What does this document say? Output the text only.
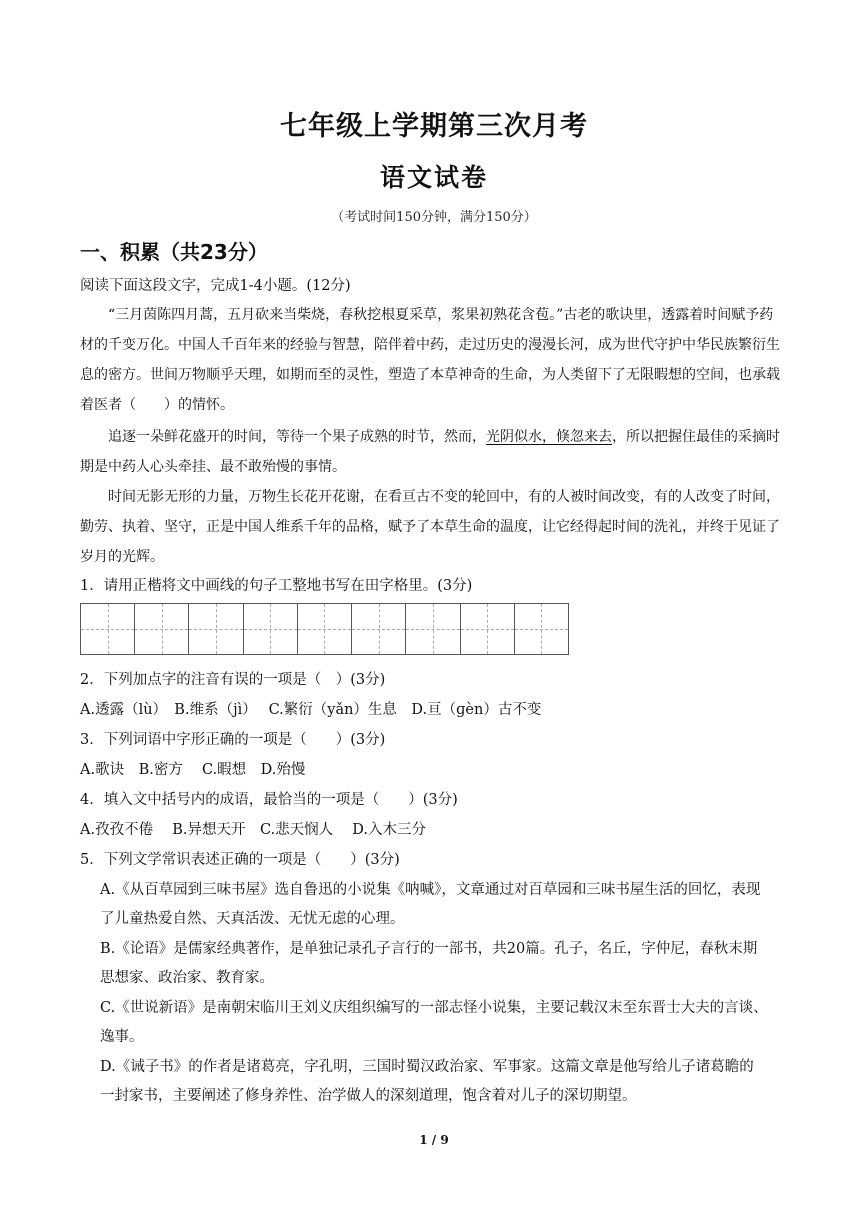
七年级上学期第三次月考
语文试卷
（考试时间150分钟，满分150分）
一、积累（共23分）
阅读下面这段文字，完成1-4小题。(12分)
“三月茵陈四月蒿，五月砍来当柴烧，春秋挖根夏采草，浆果初熟花含苞。”古老的歌诀里，透露着时间赋予药材的千变万化。中国人千百年来的经验与智慧，陪伴着中药，走过历史的漫漫长河，成为世代守护中华民族繁衍生息的密方。世间万物顺乎天理，如期而至的灵性，塑造了本草神奇的生命，为人类留下了无限暇想的空间，也承载着医者（　　）的情怀。
追逐一朵鲜花盛开的时间，等待一个果子成熟的时节，然而，光阴似水，倏忽来去，所以把握住最佳的采摘时期是中药人心头牵挂、最不敢殆慢的事情。
时间无影无形的力量，万物生长花开花谢，在看亘古不变的轮回中，有的人被时间改变，有的人改变了时间，勤劳、执着、坚守，正是中国人维系千年的品格，赋予了本草生命的温度，让它经得起时间的洗礼，并终于见证了岁月的光辉。
1．请用正楷将文中画线的句子工整地书写在田字格里。(3分)
2．下列加点字的注音有误的一项是（　）(3分)
A.透露（lù）　B.维系（jì）　 C.繁衍（yǎn）生息　D.亘（ɡèn）古不变
3．下列词语中字形正确的一项是（　　）(3分)
A.歌诀　B.密方　 C.暇想　D.殆慢
4．填入文中括号内的成语，最恰当的一项是（　　）(3分)
A.孜孜不倦　 B.异想天开　C.悲天悯人　 D.入木三分
5．下列文学常识表述正确的一项是（　　）(3分)
A.《从百草园到三味书屋》选自鲁迅的小说集《呐喊》，文章通过对百草园和三味书屋生活的回忆，表现
了儿童热爱自然、天真活泼、无忧无虑的心理。
B.《论语》是儒家经典著作，是单独记录孔子言行的一部书，共20篇。孔子，名丘，字仲尼，春秋末期
思想家、政治家、教育家。
C.《世说新语》是南朝宋临川王刘义庆组织编写的一部志怪小说集，主要记载汉末至东晋士大夫的言谈、
逸事。
D.《诫子书》的作者是诸葛亮，字孔明，三国时蜀汉政治家、军事家。这篇文章是他写给儿子诸葛瞻的
一封家书，主要阐述了修身养性、治学做人的深刻道理，饱含着对儿子的深切期望。
1 / 9
